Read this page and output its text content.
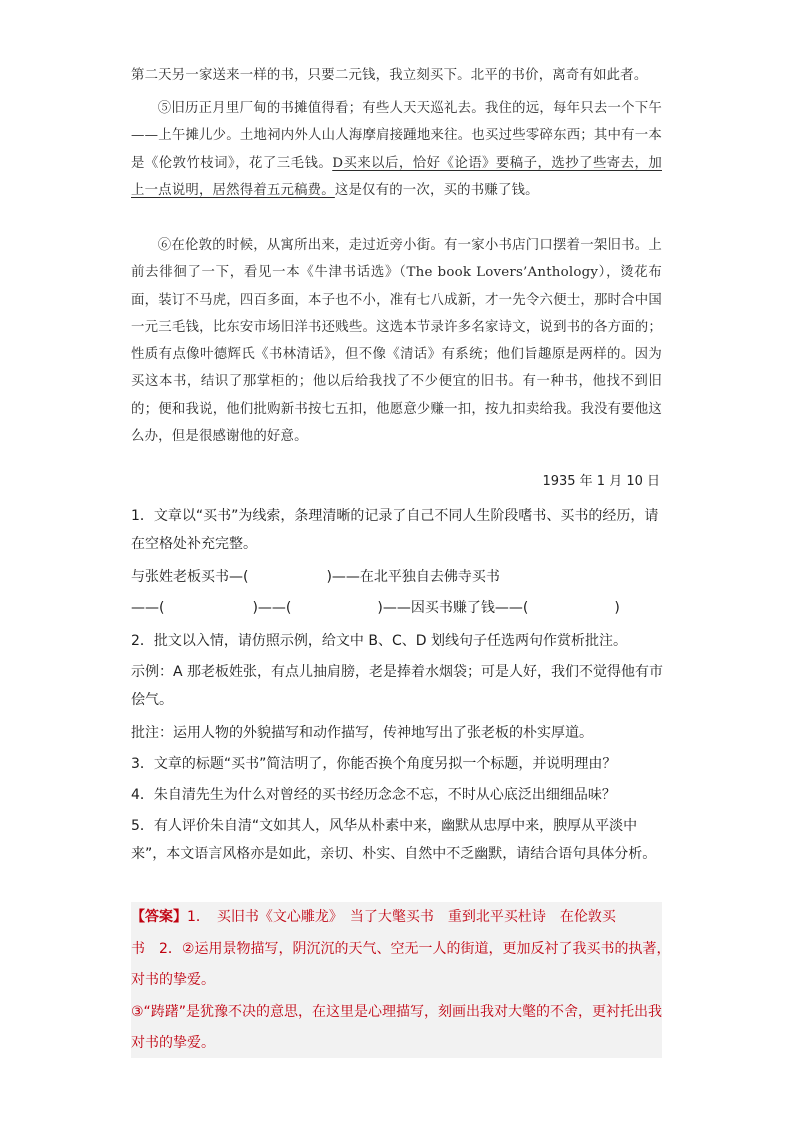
第二天另一家送来一样的书，只要二元钱，我立刻买下。北平的书价，离奇有如此者。
⑤旧历正月里厂甸的书摊值得看；有些人天天巡礼去。我住的远，每年只去一个下午——上午摊儿少。土地祠内外人山人海摩肩接踵地来往。也买过些零碎东西；其中有一本是《伦敦竹枝词》，花了三毛钱。D买来以后，恰好《论语》要稿子，选抄了些寄去，加上一点说明，居然得着五元稿费。这是仅有的一次，买的书赚了钱。
⑥在伦敦的时候，从寓所出来，走过近旁小街。有一家小书店门口摆着一架旧书。上前去徘徊了一下，看见一本《牛津书话选》（The book Lovers’Anthology），烫花布面，装订不马虎，四百多面，本子也不小，准有七八成新，才一先令六便士，那时合中国一元三毛钱，比东安市场旧洋书还贱些。这选本节录许多名家诗文，说到书的各方面的；性质有点像叶德辉氏《书林清话》，但不像《清话》有系统；他们旨趣原是两样的。因为买这本书，结识了那掌柜的；他以后给我找了不少便宜的旧书。有一种书，他找不到旧的；便和我说，他们批购新书按七五扣，他愿意少赚一扣，按九扣卖给我。我没有要他这么办，但是很感谢他的好意。
1935 年 1 月 10 日
1．文章以“买书”为线索，条理清晰的记录了自己不同人生阶段嗜书、买书的经历，请在空格处补充完整。
与张姓老板买书—(	)——在北平独自去佛寺买书
——(	)——(	)——因买书赚了钱——(	)
2．批文以入情，请仿照示例，给文中 B、C、D 划线句子任选两句作赏析批注。
示例：A 那老板姓张，有点儿抽肩膀，老是捧着水烟袋；可是人好，我们不觉得他有市侩气。
批注：运用人物的外貌描写和动作描写，传神地写出了张老板的朴实厚道。
3．文章的标题“买书”简洁明了，你能否换个角度另拟一个标题，并说明理由？
4．朱自清先生为什么对曾经的买书经历念念不忘，不时从心底泛出细细品味？
5．有人评价朱自清“文如其人，风华从朴素中来，幽默从忠厚中来，腴厚从平淡中来”，本文语言风格亦是如此，亲切、朴实、自然中不乏幽默，请结合语句具体分析。
【答案】1．　买旧书《文心雕龙》　当了大氅买书　重到北平买杜诗　在伦敦买
书　2．②运用景物描写，阴沉沉的天气、空无一人的街道，更加反衬了我买书的执著，
对书的挚爱。
③“踌躇”是犹豫不决的意思，在这里是心理描写，刻画出我对大氅的不舍，更衬托出我
对书的挚爱。
